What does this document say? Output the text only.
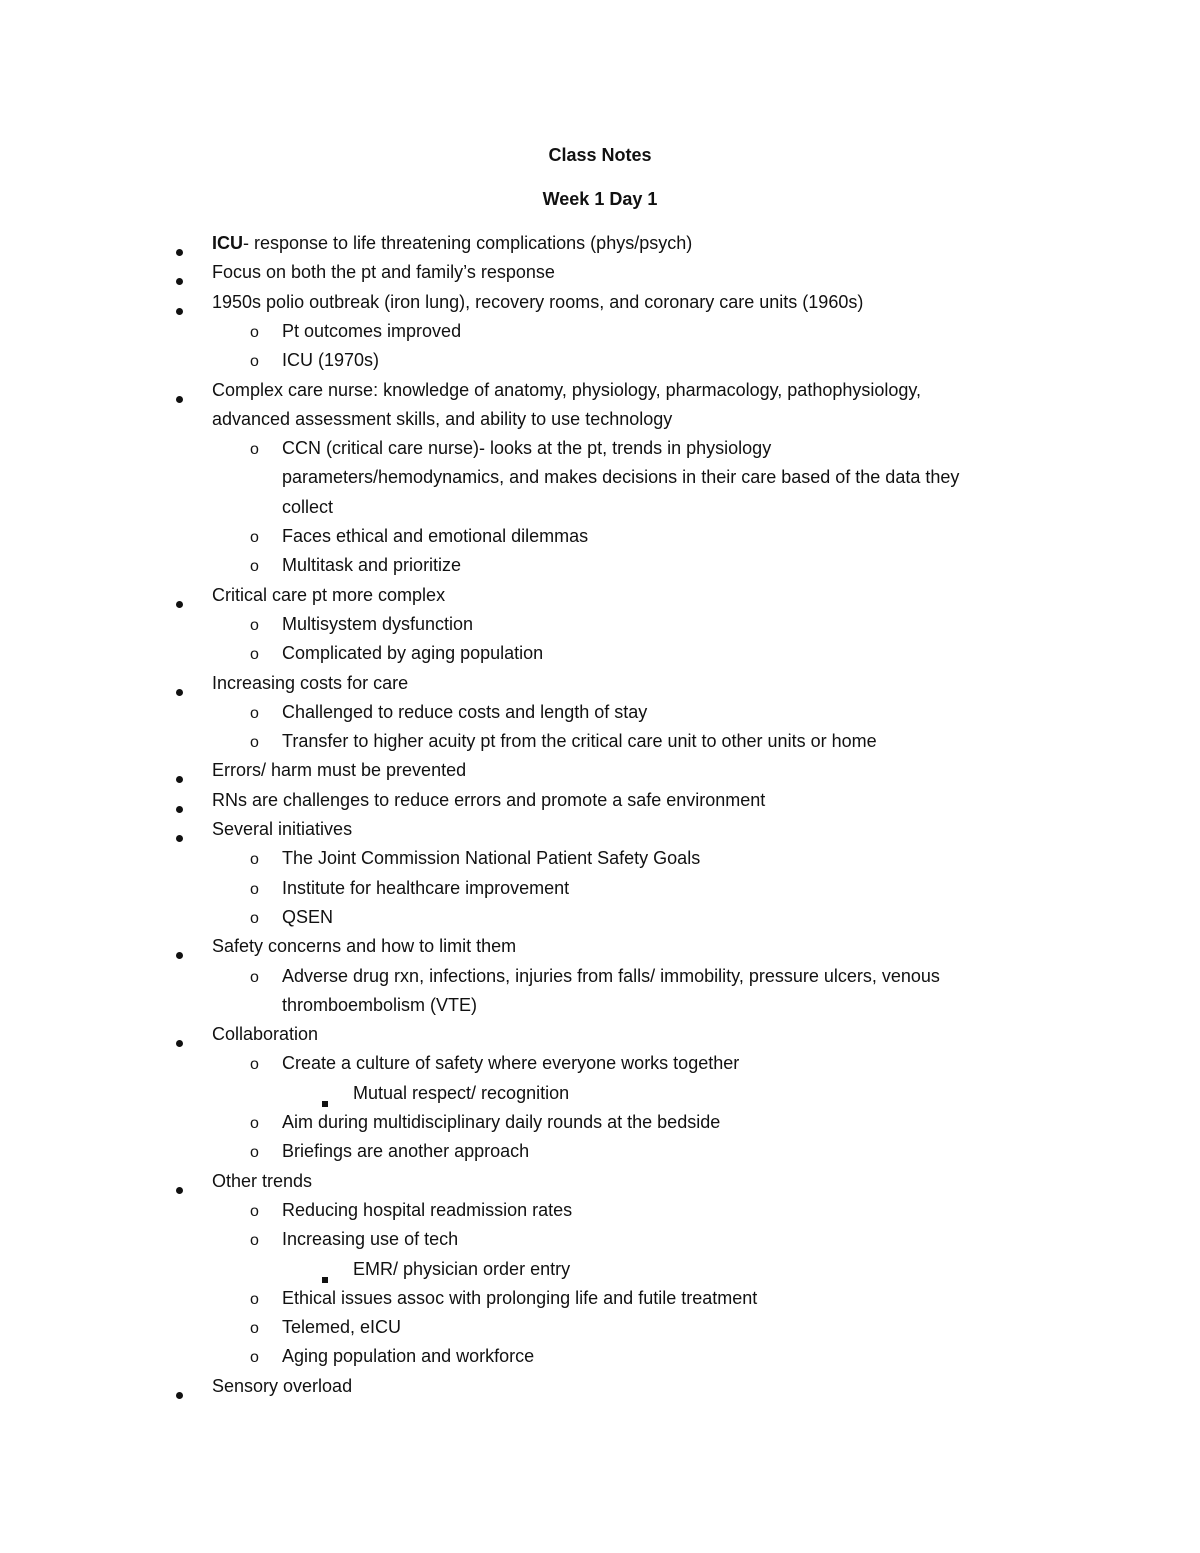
Class Notes
Week 1 Day 1
ICU- response to life threatening complications (phys/psych)
Focus on both the pt and family’s response
1950s polio outbreak (iron lung), recovery rooms, and coronary care units (1960s)
o Pt outcomes improved
o ICU (1970s)
Complex care nurse: knowledge of anatomy, physiology, pharmacology, pathophysiology,
advanced assessment skills, and ability to use technology
o CCN (critical care nurse)- looks at the pt, trends in physiology
parameters/hemodynamics, and makes decisions in their care based of the data they
collect
o Faces ethical and emotional dilemmas
o Multitask and prioritize
Critical care pt more complex
o Multisystem dysfunction
o Complicated by aging population
Increasing costs for care
o Challenged to reduce costs and length of stay
o Transfer to higher acuity pt from the critical care unit to other units or home
Errors/ harm must be prevented
RNs are challenges to reduce errors and promote a safe environment
Several initiatives
o The Joint Commission National Patient Safety Goals
o Institute for healthcare improvement
o QSEN
Safety concerns and how to limit them
o Adverse drug rxn, infections, injuries from falls/ immobility, pressure ulcers, venous
thromboembolism (VTE)
Collaboration
o Create a culture of safety where everyone works together
Mutual respect/ recognition
o Aim during multidisciplinary daily rounds at the bedside
o Briefings are another approach
Other trends
o Reducing hospital readmission rates
o Increasing use of tech
EMR/ physician order entry
o Ethical issues assoc with prolonging life and futile treatment
o Telemed, eICU
o Aging population and workforce
Sensory overload
